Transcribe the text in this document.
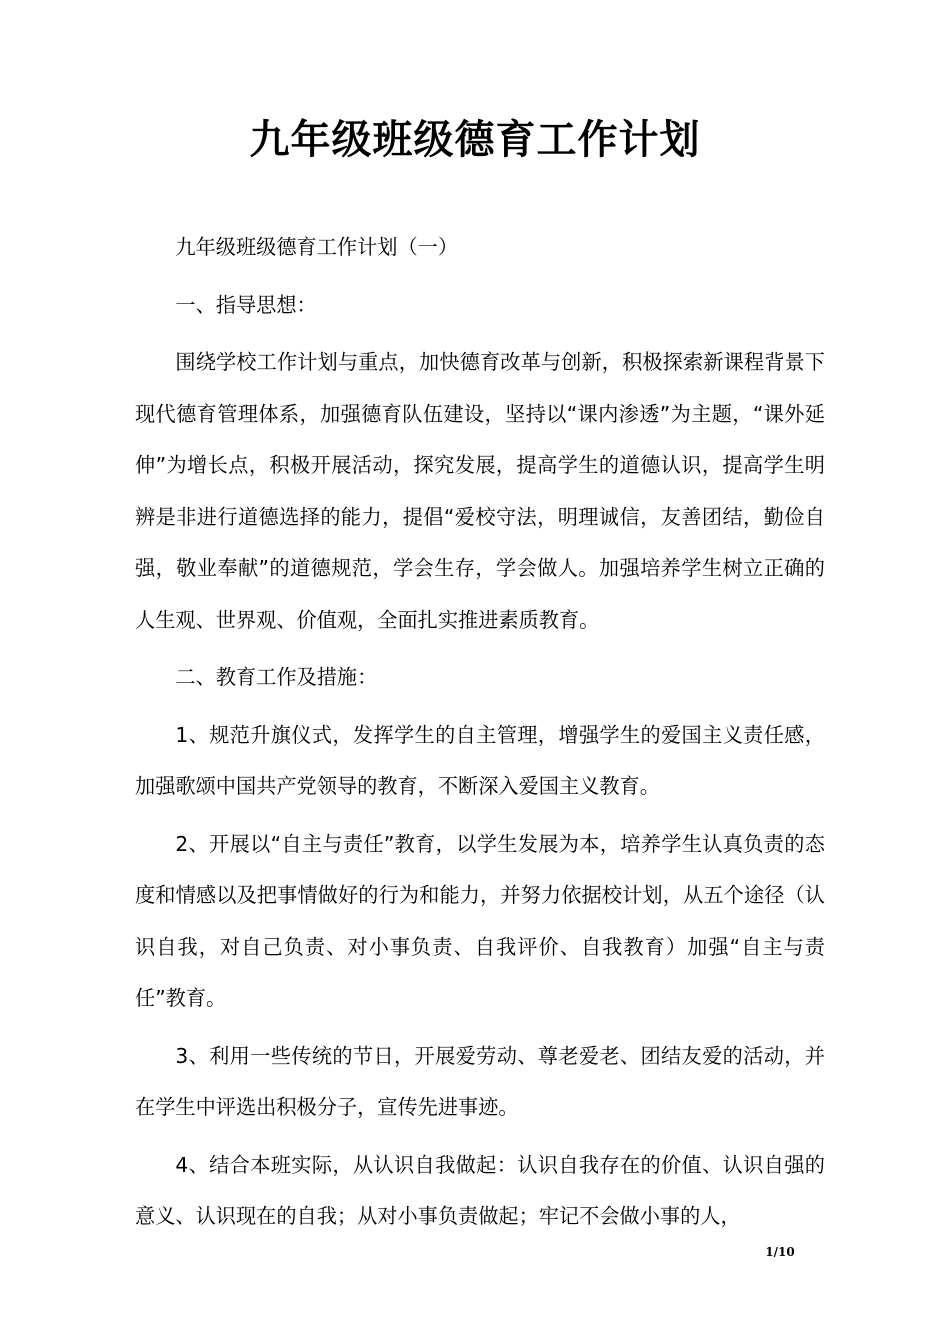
九年级班级德育工作计划

九年级班级德育工作计划（一）

一、指导思想：

围绕学校工作计划与重点，加快德育改革与创新，积极探索新课程背景下现代德育管理体系，加强德育队伍建设，坚持以“课内渗透”为主题，“课外延伸”为增长点，积极开展活动，探究发展，提高学生的道德认识，提高学生明辨是非进行道德选择的能力，提倡“爱校守法，明理诚信，友善团结，勤俭自强，敬业奉献”的道德规范，学会生存，学会做人。加强培养学生树立正确的人生观、世界观、价值观，全面扎实推进素质教育。

二、教育工作及措施：

1、规范升旗仪式，发挥学生的自主管理，增强学生的爱国主义责任感，加强歌颂中国共产党领导的教育，不断深入爱国主义教育。

2、开展以“自主与责任”教育，以学生发展为本，培养学生认真负责的态度和情感以及把事情做好的行为和能力，并努力依据校计划，从五个途径（认识自我，对自己负责、对小事负责、自我评价、自我教育）加强“自主与责任”教育。

3、利用一些传统的节日，开展爱劳动、尊老爱老、团结友爱的活动，并在学生中评选出积极分子，宣传先进事迹。

4、结合本班实际，从认识自我做起：认识自我存在的价值、认识自强的意义、认识现在的自我；从对小事负责做起；牢记不会做小事的人，

1/10
